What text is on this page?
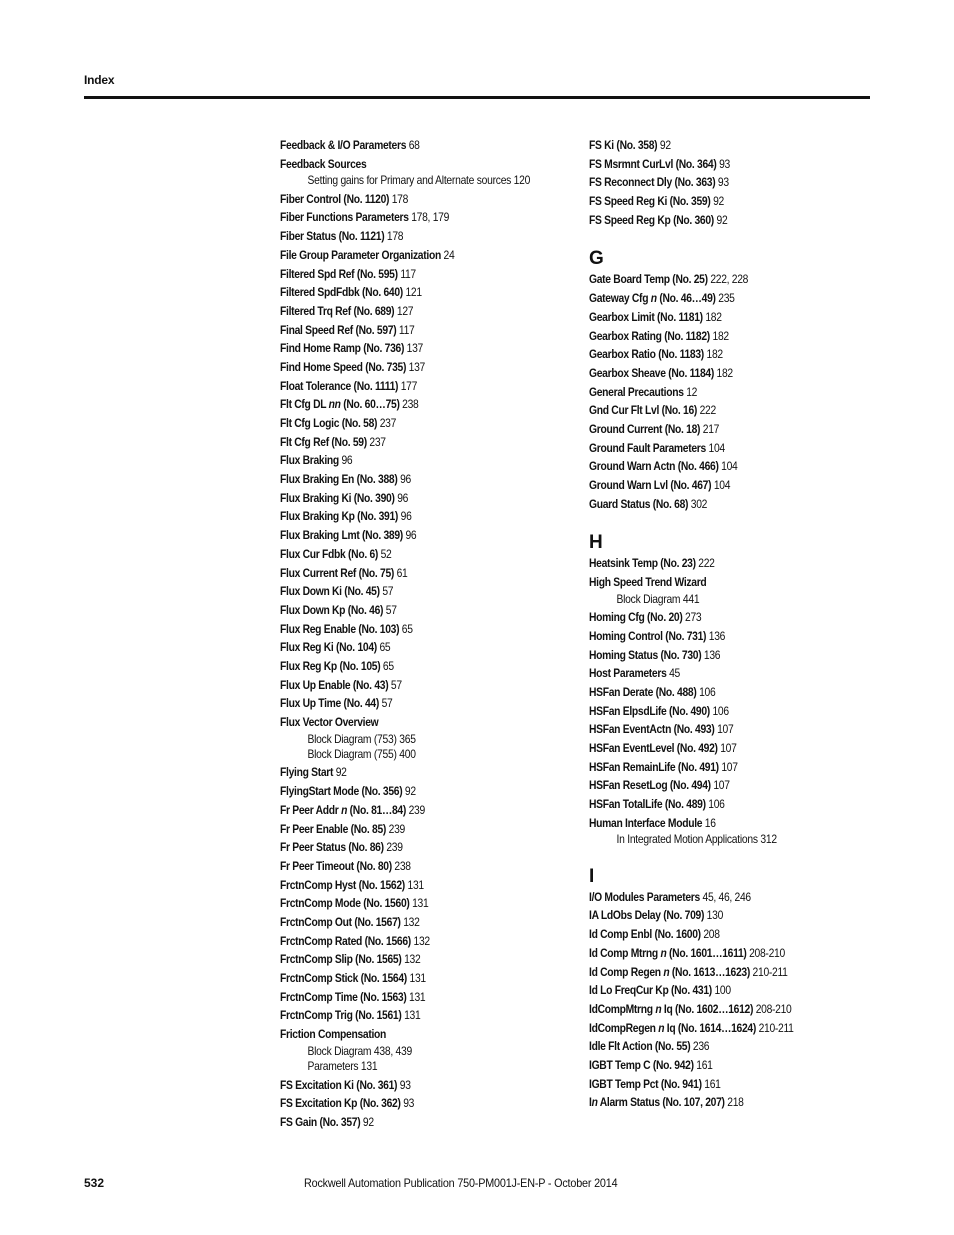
Index
Feedback & I/O Parameters 68
Feedback Sources
Setting gains for Primary and Alternate sources 120
Fiber Control (No. 1120) 178
Fiber Functions Parameters 178, 179
Fiber Status (No. 1121) 178
File Group Parameter Organization 24
Filtered Spd Ref (No. 595) 117
Filtered SpdFdbk (No. 640) 121
Filtered Trq Ref (No. 689) 127
Final Speed Ref (No. 597) 117
Find Home Ramp (No. 736) 137
Find Home Speed (No. 735) 137
Float Tolerance (No. 1111) 177
Flt Cfg DL nn (No. 60…75) 238
Flt Cfg Logic (No. 58) 237
Flt Cfg Ref (No. 59) 237
Flux Braking 96
Flux Braking En (No. 388) 96
Flux Braking Ki (No. 390) 96
Flux Braking Kp (No. 391) 96
Flux Braking Lmt (No. 389) 96
Flux Cur Fdbk (No. 6) 52
Flux Current Ref (No. 75) 61
Flux Down Ki (No. 45) 57
Flux Down Kp (No. 46) 57
Flux Reg Enable (No. 103) 65
Flux Reg Ki (No. 104) 65
Flux Reg Kp (No. 105) 65
Flux Up Enable (No. 43) 57
Flux Up Time (No. 44) 57
Flux Vector Overview
Block Diagram (753) 365
Block Diagram (755) 400
Flying Start 92
FlyingStart Mode (No. 356) 92
Fr Peer Addr n (No. 81…84) 239
Fr Peer Enable (No. 85) 239
Fr Peer Status (No. 86) 239
Fr Peer Timeout (No. 80) 238
FrctnComp Hyst (No. 1562) 131
FrctnComp Mode (No. 1560) 131
FrctnComp Out (No. 1567) 132
FrctnComp Rated (No. 1566) 132
FrctnComp Slip (No. 1565) 132
FrctnComp Stick (No. 1564) 131
FrctnComp Time (No. 1563) 131
FrctnComp Trig (No. 1561) 131
Friction Compensation
Block Diagram 438, 439
Parameters 131
FS Excitation Ki (No. 361) 93
FS Excitation Kp (No. 362) 93
FS Gain (No. 357) 92
FS Ki (No. 358) 92
FS Msrmnt CurLvl (No. 364) 93
FS Reconnect Dly (No. 363) 93
FS Speed Reg Ki (No. 359) 92
FS Speed Reg Kp (No. 360) 92
G
Gate Board Temp (No. 25) 222, 228
Gateway Cfg n (No. 46…49) 235
Gearbox Limit (No. 1181) 182
Gearbox Rating (No. 1182) 182
Gearbox Ratio (No. 1183) 182
Gearbox Sheave (No. 1184) 182
General Precautions 12
Gnd Cur Flt Lvl (No. 16) 222
Ground Current (No. 18) 217
Ground Fault Parameters 104
Ground Warn Actn (No. 466) 104
Ground Warn Lvl (No. 467) 104
Guard Status (No. 68) 302
H
Heatsink Temp (No. 23) 222
High Speed Trend Wizard
Block Diagram 441
Homing Cfg (No. 20) 273
Homing Control (No. 731) 136
Homing Status (No. 730) 136
Host Parameters 45
HSFan Derate (No. 488) 106
HSFan ElpsdLife (No. 490) 106
HSFan EventActn (No. 493) 107
HSFan EventLevel (No. 492) 107
HSFan RemainLife (No. 491) 107
HSFan ResetLog (No. 494) 107
HSFan TotalLife (No. 489) 106
Human Interface Module 16
In Integrated Motion Applications 312
I
I/O Modules Parameters 45, 46, 246
IA LdObs Delay (No. 709) 130
Id Comp Enbl (No. 1600) 208
Id Comp Mtrng n (No. 1601…1611) 208-210
Id Comp Regen n (No. 1613…1623) 210-211
Id Lo FreqCur Kp (No. 431) 100
IdCompMtrng n Iq (No. 1602…1612) 208-210
IdCompRegen n Iq (No. 1614…1624) 210-211
Idle Flt Action (No. 55) 236
IGBT Temp C (No. 942) 161
IGBT Temp Pct (No. 941) 161
In Alarm Status (No. 107, 207) 218
532	Rockwell Automation Publication 750-PM001J-EN-P - October 2014
